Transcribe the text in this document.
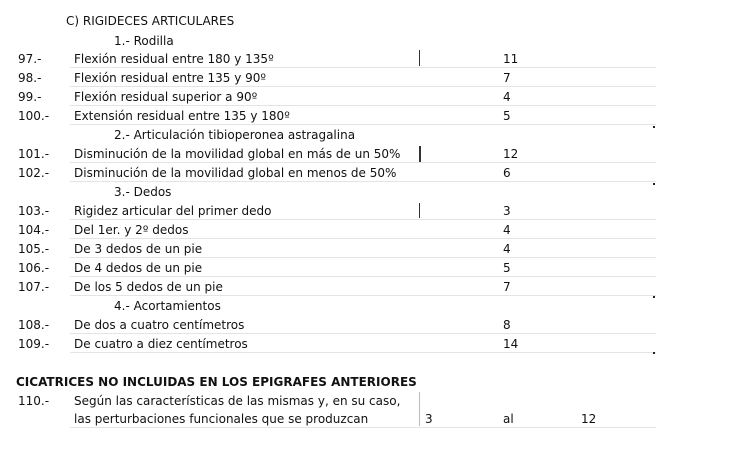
C) RIGIDECES ARTICULARES
1.- Rodilla
97.-	Flexión residual entre 180 y 135º	11
98.-	Flexión residual entre 135 y 90º	7
99.-	Flexión residual superior a 90º	4
100.- Extensión residual entre 135 y 180º	5
2.- Articulación tibioperonea astragalina
101.- Disminución de la movilidad global en más de un 50%	12
102.- Disminución de la movilidad global en menos de 50%	6
3.- Dedos
103.- Rigidez articular del primer dedo	3
104.- Del 1er. y 2º dedos	4
105.- De 3 dedos de un pie	4
106.- De 4 dedos de un pie	5
107.- De los 5 dedos de un pie	7
4.- Acortamientos
108.- De dos a cuatro centímetros	8
109.- De cuatro a diez centímetros	14
CICATRICES NO INCLUIDAS EN LOS EPIGRAFES ANTERIORES
110.- Según las características de las mismas y, en su caso,
las perturbaciones funcionales que se produzcan	3	al	12
